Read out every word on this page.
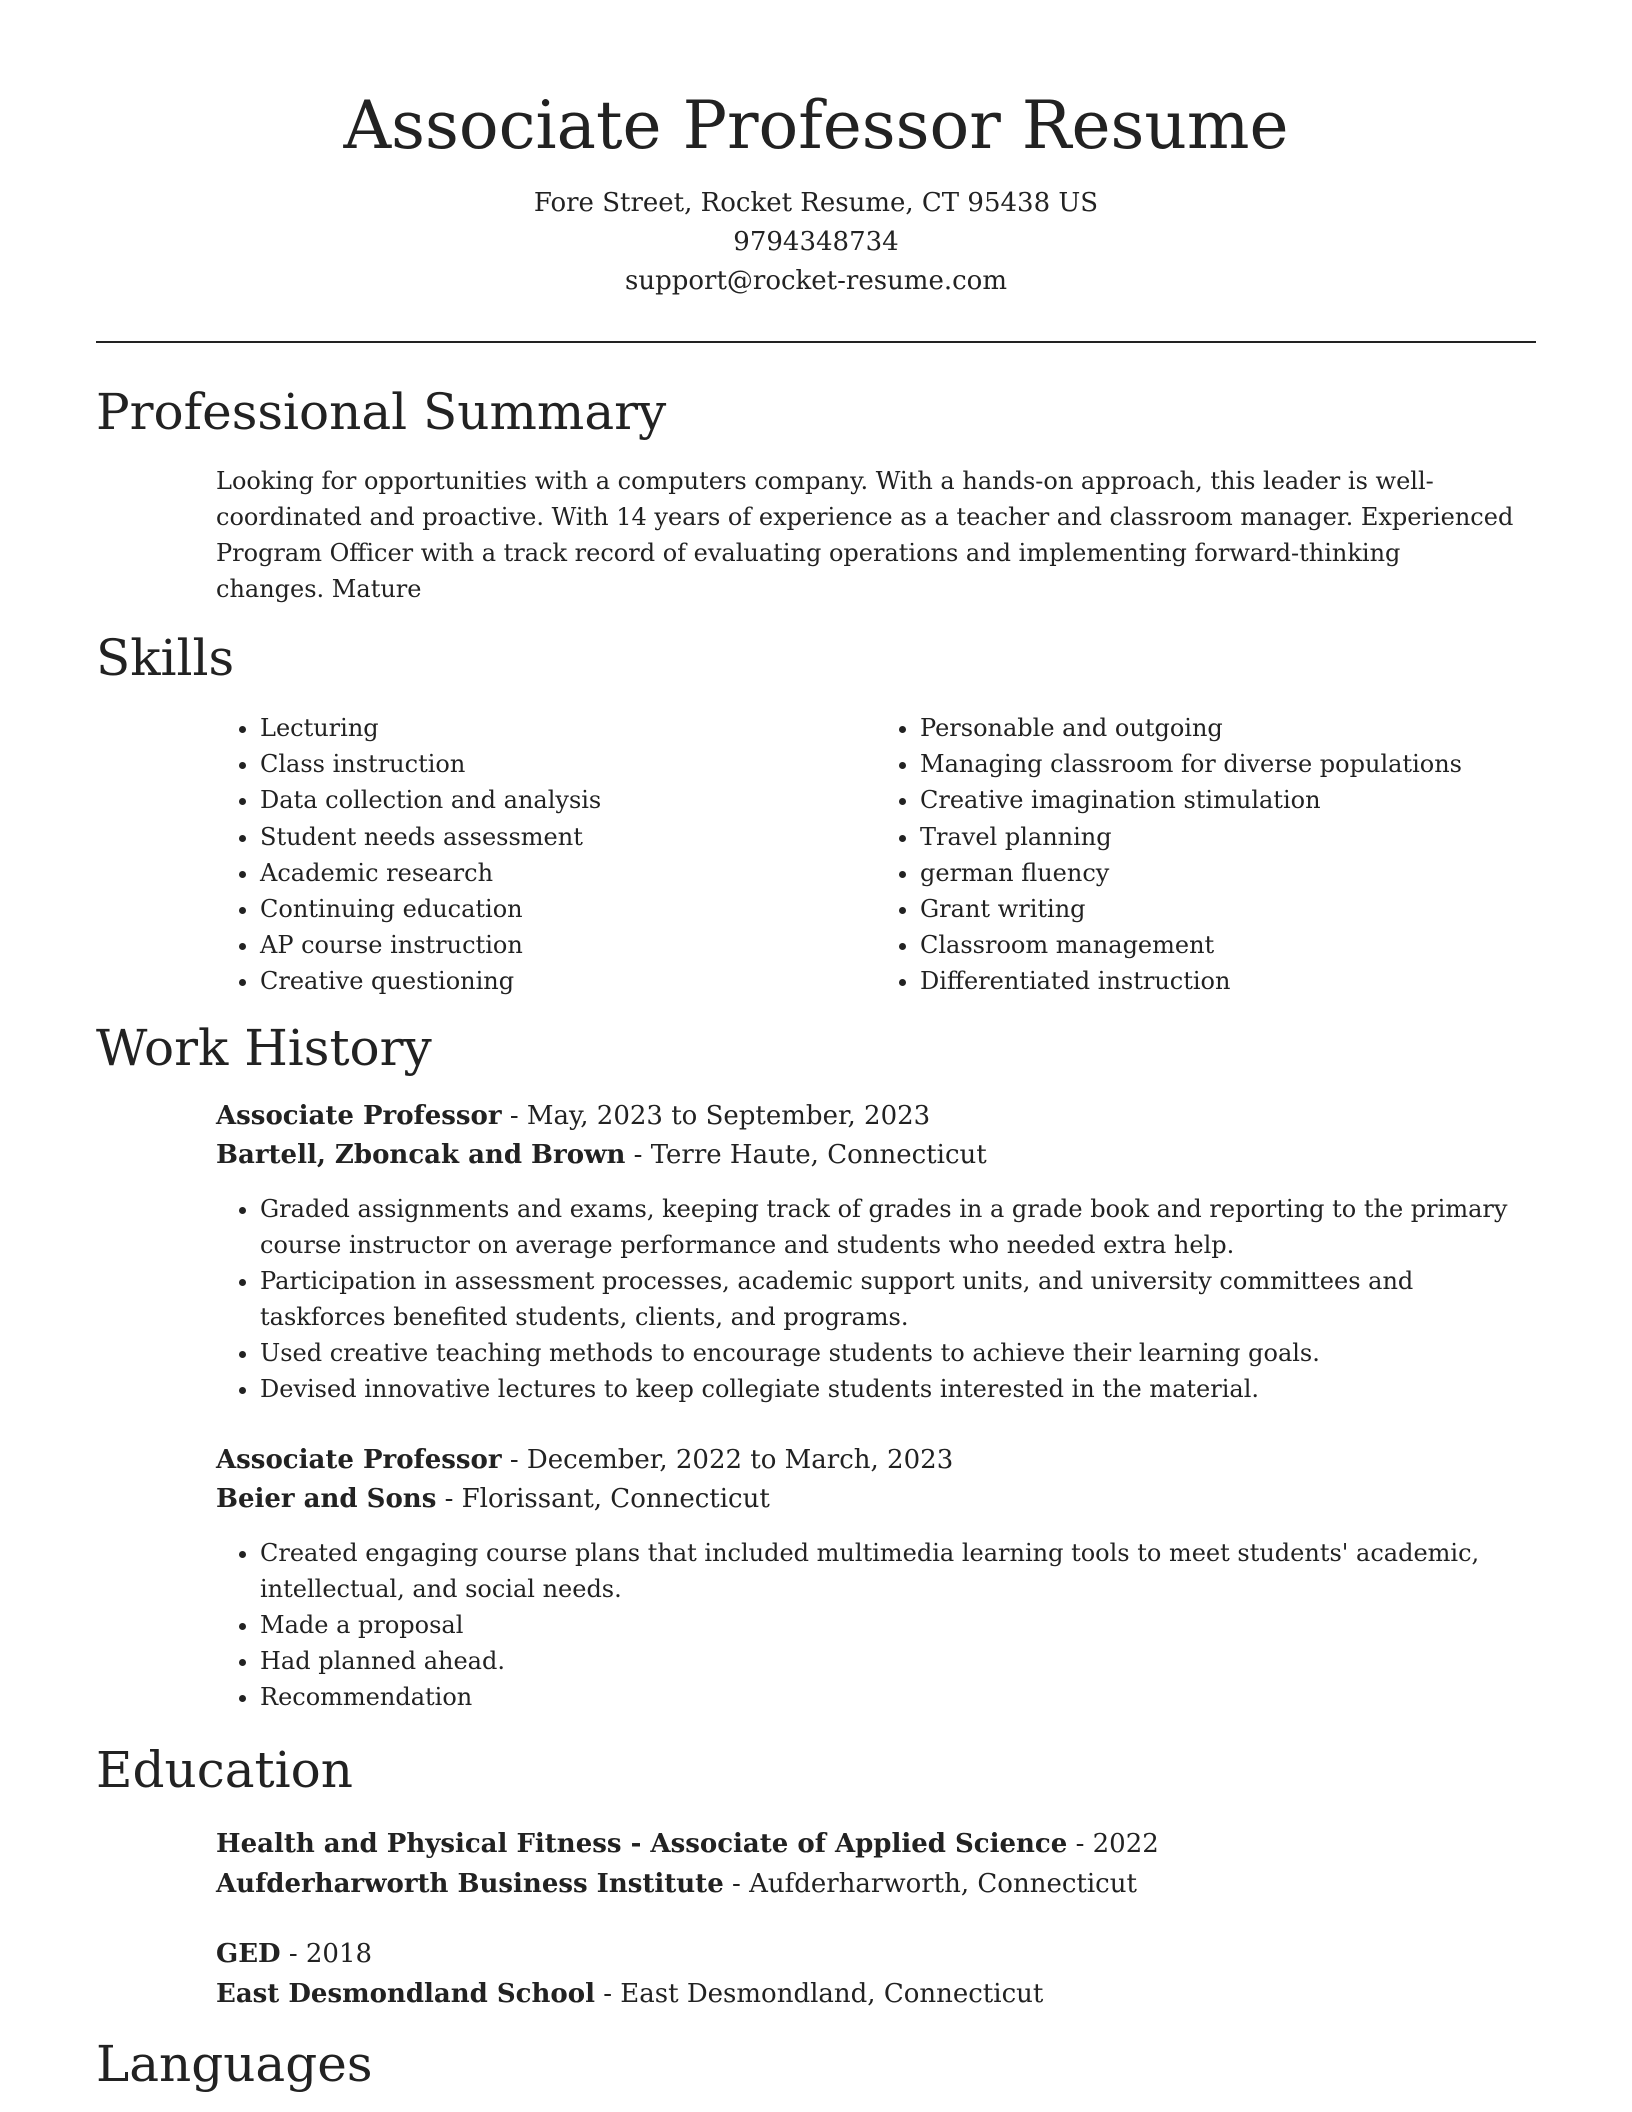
Associate Professor Resume
Fore Street, Rocket Resume, CT 95438 US
9794348734
support@rocket-resume.com
Professional Summary
Looking for opportunities with a computers company. With a hands-on approach, this leader is well-coordinated and proactive. With 14 years of experience as a teacher and classroom manager. Experienced Program Officer with a track record of evaluating operations and implementing forward-thinking changes. Mature
Skills
• Lecturing
• Class instruction
• Data collection and analysis
• Student needs assessment
• Academic research
• Continuing education
• AP course instruction
• Creative questioning
• Personable and outgoing
• Managing classroom for diverse populations
• Creative imagination stimulation
• Travel planning
• german fluency
• Grant writing
• Classroom management
• Differentiated instruction
Work History
Associate Professor - May, 2023 to September, 2023
Bartell, Zboncak and Brown - Terre Haute, Connecticut
• Graded assignments and exams, keeping track of grades in a grade book and reporting to the primary course instructor on average performance and students who needed extra help.
• Participation in assessment processes, academic support units, and university committees and taskforces benefited students, clients, and programs.
• Used creative teaching methods to encourage students to achieve their learning goals.
• Devised innovative lectures to keep collegiate students interested in the material.
Associate Professor - December, 2022 to March, 2023
Beier and Sons - Florissant, Connecticut
• Created engaging course plans that included multimedia learning tools to meet students' academic, intellectual, and social needs.
• Made a proposal
• Had planned ahead.
• Recommendation
Education
Health and Physical Fitness - Associate of Applied Science - 2022
Aufderharworth Business Institute - Aufderharworth, Connecticut
GED - 2018
East Desmondland School - East Desmondland, Connecticut
Languages
